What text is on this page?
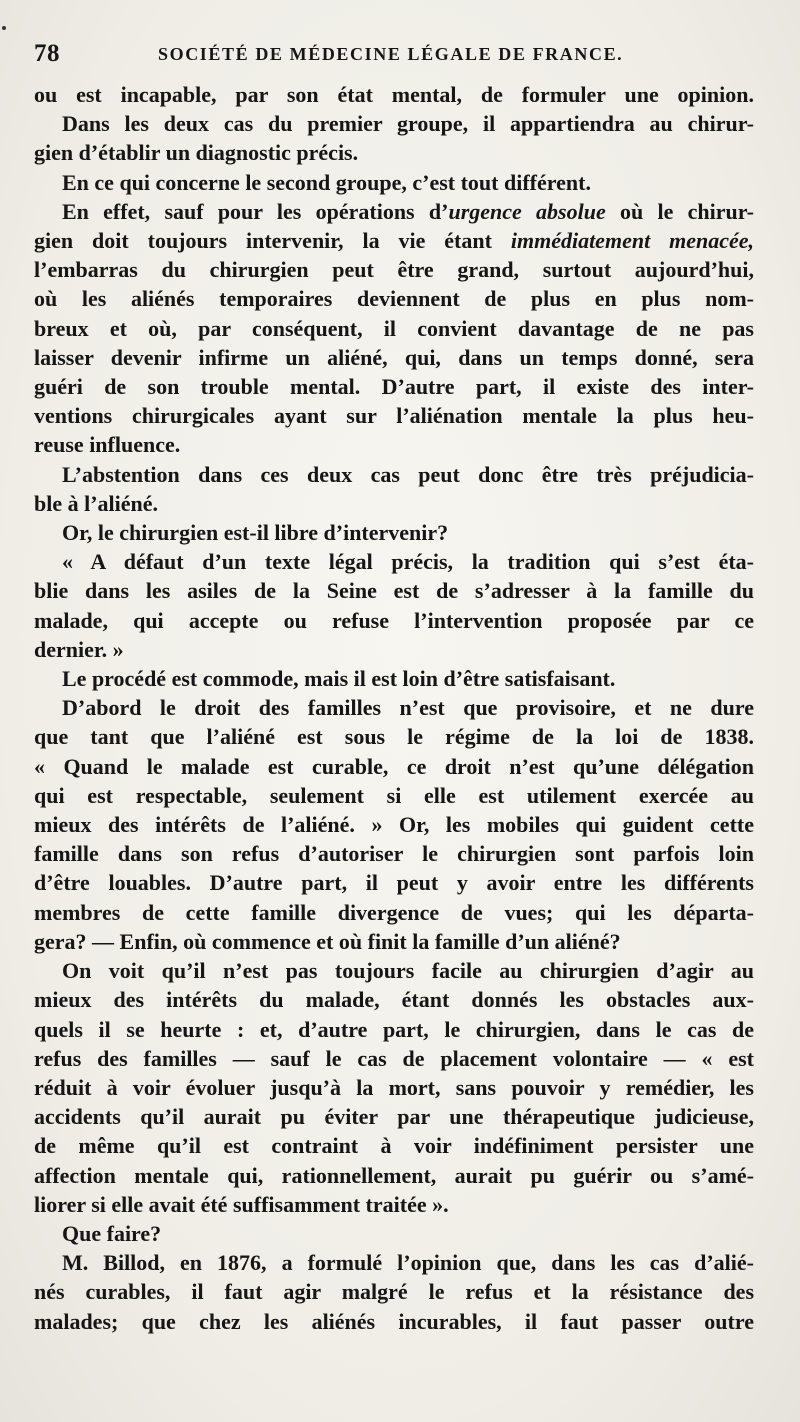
78	SOCIÉTÉ DE MÉDECINE LÉGALE DE FRANCE.

ou est incapable, par son état mental, de formuler une opinion.

Dans les deux cas du premier groupe, il appartiendra au chirur-

gien d’établir un diagnostic précis.

En ce qui concerne le second groupe, c’est tout différent.

En effet, sauf pour les opérations d’urgence absolue où le chirur-

gien doit toujours intervenir, la vie étant immédiatement menacée,

l’embarras du chirurgien peut être grand, surtout aujourd’hui,

où les aliénés temporaires deviennent de plus en plus nom-

breux et où, par conséquent, il convient davantage de ne pas

laisser devenir infirme un aliéné, qui, dans un temps donné, sera

guéri de son trouble mental. D’autre part, il existe des inter-

ventions chirurgicales ayant sur l’aliénation mentale la plus heu-

reuse influence.

L’abstention dans ces deux cas peut donc être très préjudicia-

ble à l’aliéné.

Or, le chirurgien est-il libre d’intervenir?

« A défaut d’un texte légal précis, la tradition qui s’est éta-

blie dans les asiles de la Seine est de s’adresser à la famille du

malade, qui accepte ou refuse l’intervention proposée par ce

dernier. »

Le procédé est commode, mais il est loin d’être satisfaisant.

D’abord le droit des familles n’est que provisoire, et ne dure

que tant que l’aliéné est sous le régime de la loi de 1838.

« Quand le malade est curable, ce droit n’est qu’une délégation

qui est respectable, seulement si elle est utilement exercée au

mieux des intérêts de l’aliéné. » Or, les mobiles qui guident cette

famille dans son refus d’autoriser le chirurgien sont parfois loin

d’être louables. D’autre part, il peut y avoir entre les différents

membres de cette famille divergence de vues; qui les départa-

gera? — Enfin, où commence et où finit la famille d’un aliéné?

On voit qu’il n’est pas toujours facile au chirurgien d’agir au

mieux des intérêts du malade, étant donnés les obstacles aux-

quels il se heurte : et, d’autre part, le chirurgien, dans le cas de

refus des familles — sauf le cas de placement volontaire — « est

réduit à voir évoluer jusqu’à la mort, sans pouvoir y remédier, les

accidents qu’il aurait pu éviter par une thérapeutique judicieuse,

de même qu’il est contraint à voir indéfiniment persister une

affection mentale qui, rationnellement, aurait pu guérir ou s’amé-

liorer si elle avait été suffisamment traitée ».

Que faire?

M. Billod, en 1876, a formulé l’opinion que, dans les cas d’alié-

nés curables, il faut agir malgré le refus et la résistance des

malades; que chez les aliénés incurables, il faut passer outre
